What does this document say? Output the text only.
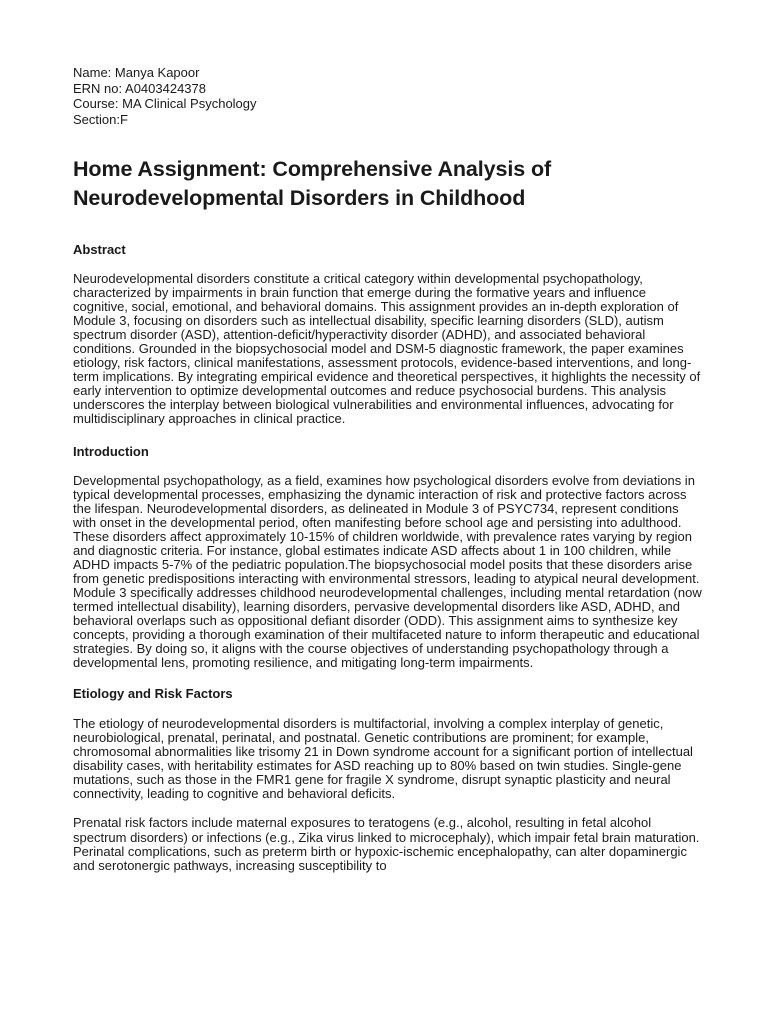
Name: Manya Kapoor

ERN no: A0403424378

Course: MA Clinical Psychology

Section:F

Home Assignment: Comprehensive Analysis of Neurodevelopmental Disorders in Childhood
Abstract

Neurodevelopmental disorders constitute a critical category within developmental psychopathology, characterized by impairments in brain function that emerge during the formative years and influence cognitive, social, emotional, and behavioral domains. This assignment provides an in-depth exploration of Module 3, focusing on disorders such as intellectual disability, specific learning disorders (SLD), autism spectrum disorder (ASD), attention-deficit/hyperactivity disorder (ADHD), and associated behavioral conditions. Grounded in the biopsychosocial model and DSM-5 diagnostic framework, the paper examines etiology, risk factors, clinical manifestations, assessment protocols, evidence-based interventions, and long-term implications. By integrating empirical evidence and theoretical perspectives, it highlights the necessity of early intervention to optimize developmental outcomes and reduce psychosocial burdens. This analysis underscores the interplay between biological vulnerabilities and environmental influences, advocating for multidisciplinary approaches in clinical practice.

Introduction

Developmental psychopathology, as a field, examines how psychological disorders evolve from deviations in typical developmental processes, emphasizing the dynamic interaction of risk and protective factors across the lifespan. Neurodevelopmental disorders, as delineated in Module 3 of PSYC734, represent conditions with onset in the developmental period, often manifesting before school age and persisting into adulthood. These disorders affect approximately 10-15% of children worldwide, with prevalence rates varying by region and diagnostic criteria. For instance, global estimates indicate ASD affects about 1 in 100 children, while ADHD impacts 5-7% of the pediatric population.The biopsychosocial model posits that these disorders arise from genetic predispositions interacting with environmental stressors, leading to atypical neural development. Module 3 specifically addresses childhood neurodevelopmental challenges, including mental retardation (now termed intellectual disability), learning disorders, pervasive developmental disorders like ASD, ADHD, and behavioral overlaps such as oppositional defiant disorder (ODD). This assignment aims to synthesize key concepts, providing a thorough examination of their multifaceted nature to inform therapeutic and educational strategies. By doing so, it aligns with the course objectives of understanding psychopathology through a developmental lens, promoting resilience, and mitigating long-term impairments.

Etiology and Risk Factors

The etiology of neurodevelopmental disorders is multifactorial, involving a complex interplay of genetic, neurobiological, prenatal, perinatal, and postnatal. Genetic contributions are prominent; for example, chromosomal abnormalities like trisomy 21 in Down syndrome account for a significant portion of intellectual disability cases, with heritability estimates for ASD reaching up to 80% based on twin studies. Single-gene mutations, such as those in the FMR1 gene for fragile X syndrome, disrupt synaptic plasticity and neural connectivity, leading to cognitive and behavioral deficits.

Prenatal risk factors include maternal exposures to teratogens (e.g., alcohol, resulting in fetal alcohol spectrum disorders) or infections (e.g., Zika virus linked to microcephaly), which impair fetal brain maturation. Perinatal complications, such as preterm birth or hypoxic-ischemic encephalopathy, can alter dopaminergic and serotonergic pathways, increasing susceptibility to
